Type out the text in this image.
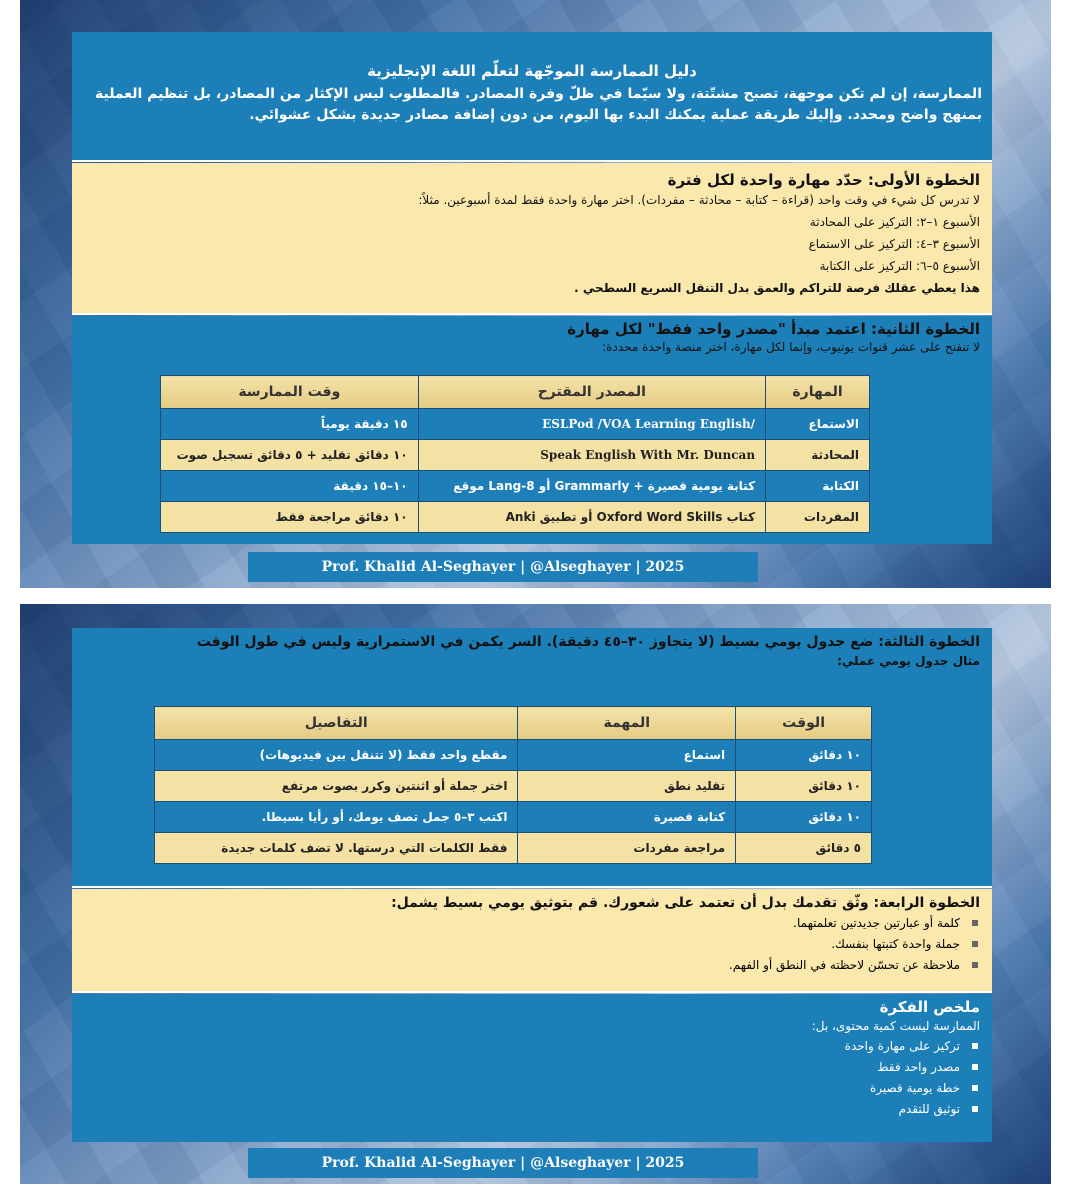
دليل الممارسة الموجّهة لتعلّم اللغة الإنجليزية
الممارسة، إن لم تكن موجهة، تصبح مشتّتة، ولا سيّما في ظلّ وفرة المصادر. فالمطلوب ليس الإكثار من المصادر، بل تنظيم العملية بمنهج واضح ومحدد. وإليك طريقة عملية يمكنك البدء بها اليوم، من دون إضافة مصادر جديدة بشكل عشوائي.
الخطوة الأولى: حدّد مهارة واحدة لكل فترة
لا تدرس كل شيء في وقت واحد (قراءة – كتابة – محادثة – مفردات). اختر مهارة واحدة فقط لمدة أسبوعين. مثلاً:
الأسبوع ١–٢: التركيز على المحادثة
الأسبوع ٣–٤: التركيز على الاستماع
الأسبوع ٥–٦: التركيز على الكتابة
هذا يعطي عقلك فرصة للتراكم والعمق بدل التنقل السريع السطحي .
الخطوة الثانية: اعتمد مبدأ "مصدر واحد فقط" لكل مهارة
لا تنفتح على عشر قنوات يوتيوب، وإنما لكل مهارة، اختر منصة واحدة محددة:
المهارة	المصدر المقترح	وقت الممارسة
الاستماع	ESLPod /VOA Learning English/	١٥ دقيقة يومياً
المحادثة	Speak English With Mr. Duncan	١٠ دقائق تقليد + ٥ دقائق تسجيل صوت
الكتابة	كتابة يومية قصيرة + Grammarly أو Lang-8 موقع	١٠–١٥ دقيقة
المفردات	كتاب Oxford Word Skills أو تطبيق Anki	١٠ دقائق مراجعة فقط
Prof. Khalid Al-Seghayer | @Alseghayer | 2025
الخطوة الثالثة: ضع جدول يومي بسيط (لا يتجاوز ٣٠–٤٥ دقيقة). السر يكمن في الاستمرارية وليس في طول الوقت
مثال جدول يومي عملي:
الوقت	المهمة	التفاصيل
١٠ دقائق	استماع	مقطع واحد فقط (لا تتنقل بين فيديوهات)
١٠ دقائق	تقليد نطق	اختر جملة أو اثنتين وكرر بصوت مرتفع
١٠ دقائق	كتابة قصيرة	اكتب ٣–٥ جمل تصف يومك، أو رأيا بسيطا.
٥ دقائق	مراجعة مفردات	فقط الكلمات التي درستها. لا تضف كلمات جديدة
الخطوة الرابعة: وثّق تقدمك بدل أن تعتمد على شعورك. قم بتوثيق يومي بسيط يشمل:
كلمة أو عبارتين جديدتين تعلمتهما.
جملة واحدة كتبتها بنفسك.
ملاحظة عن تحسّن لاحظته في النطق أو الفهم.
ملخص الفكرة
الممارسة ليست كمية محتوى، بل:
تركيز على مهارة واحدة
مصدر واحد فقط
خطة يومية قصيرة
توثيق للتقدم
Prof. Khalid Al-Seghayer | @Alseghayer | 2025
